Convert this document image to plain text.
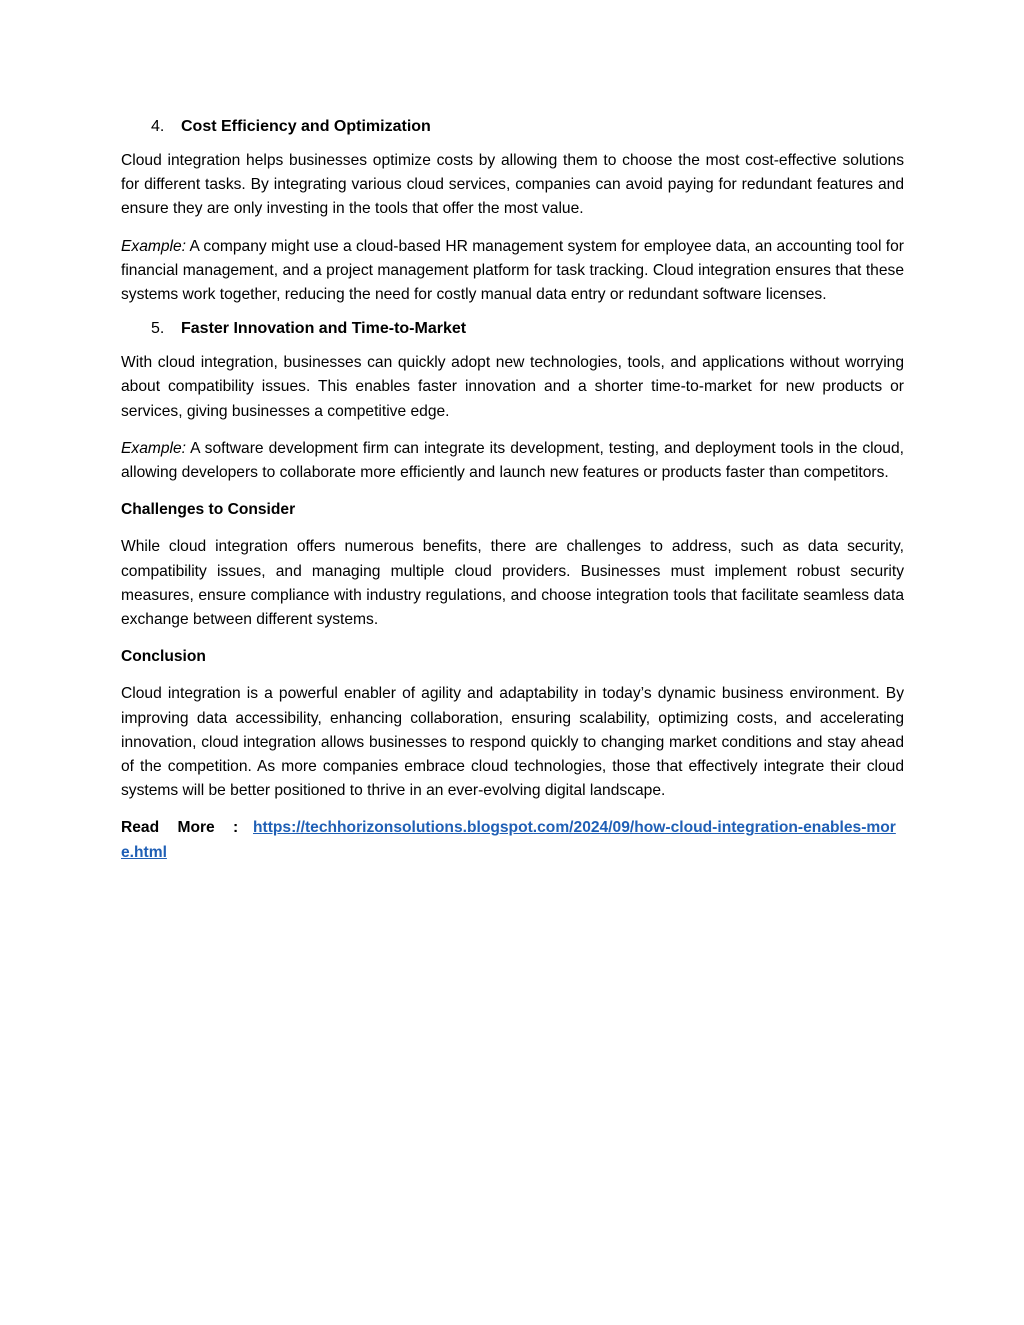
4.	Cost Efficiency and Optimization

Cloud integration helps businesses optimize costs by allowing them to choose the most cost-effective solutions for different tasks. By integrating various cloud services, companies can avoid paying for redundant features and ensure they are only investing in the tools that offer the most value.

Example: A company might use a cloud-based HR management system for employee data, an accounting tool for financial management, and a project management platform for task tracking. Cloud integration ensures that these systems work together, reducing the need for costly manual data entry or redundant software licenses.

5.	Faster Innovation and Time-to-Market

With cloud integration, businesses can quickly adopt new technologies, tools, and applications without worrying about compatibility issues. This enables faster innovation and a shorter time-to-market for new products or services, giving businesses a competitive edge.

Example: A software development firm can integrate its development, testing, and deployment tools in the cloud, allowing developers to collaborate more efficiently and launch new features or products faster than competitors.

Challenges to Consider

While cloud integration offers numerous benefits, there are challenges to address, such as data security, compatibility issues, and managing multiple cloud providers. Businesses must implement robust security measures, ensure compliance with industry regulations, and choose integration tools that facilitate seamless data exchange between different systems.

Conclusion

Cloud integration is a powerful enabler of agility and adaptability in today’s dynamic business environment. By improving data accessibility, enhancing collaboration, ensuring scalability, optimizing costs, and accelerating innovation, cloud integration allows businesses to respond quickly to changing market conditions and stay ahead of the competition. As more companies embrace cloud technologies, those that effectively integrate their cloud systems will be better positioned to thrive in an ever-evolving digital landscape.

Read More : https://techhorizonsolutions.blogspot.com/2024/09/how-cloud-integration-enables-more.html
